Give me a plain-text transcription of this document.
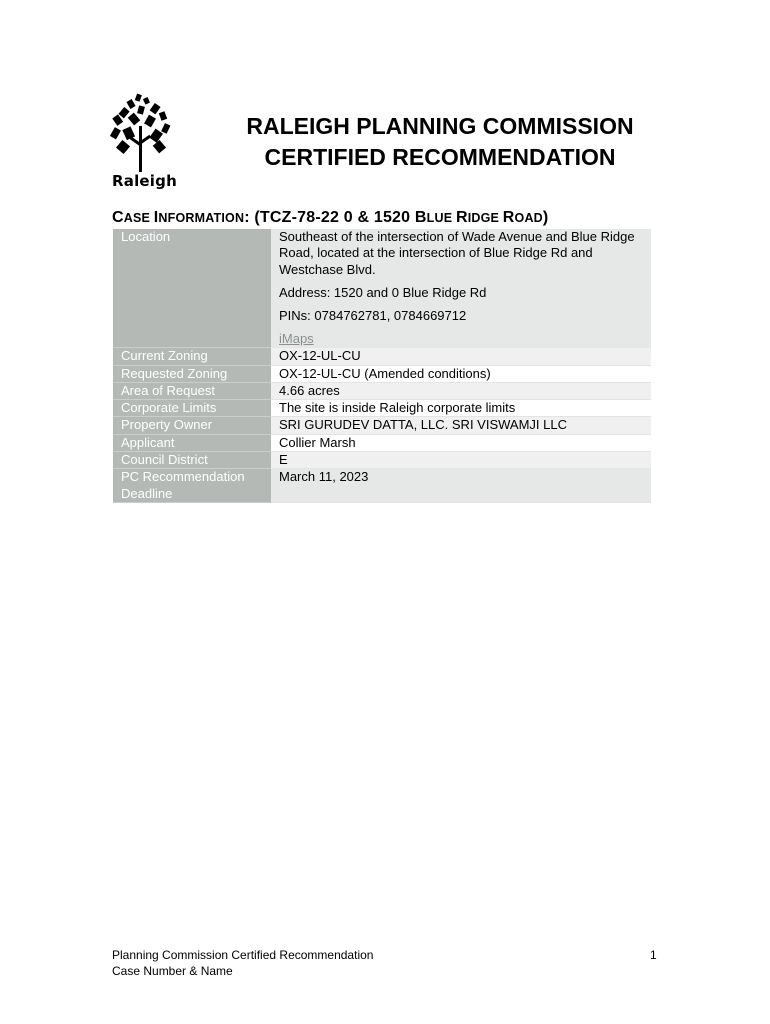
Raleigh
RALEIGH PLANNING COMMISSION
CERTIFIED RECOMMENDATION
CASE INFORMATION: (TCZ-78-22 0 & 1520 BLUE RIDGE ROAD)
Location	Southeast of the intersection of Wade Avenue and Blue Ridge Road, located at the intersection of Blue Ridge Rd and Westchase Blvd.

Address: 1520 and 0 Blue Ridge Rd

PINs: 0784762781, 0784669712

iMaps

Current Zoning	OX-12-UL-CU
Requested Zoning	OX-12-UL-CU (Amended conditions)
Area of Request	4.66 acres
Corporate Limits	The site is inside Raleigh corporate limits
Property Owner	SRI GURUDEV DATTA, LLC. SRI VISWAMJI LLC
Applicant	Collier Marsh
Council District	E
PC Recommendation Deadline	March 11, 2023
Planning Commission Certified Recommendation
Case Number & Name
1
